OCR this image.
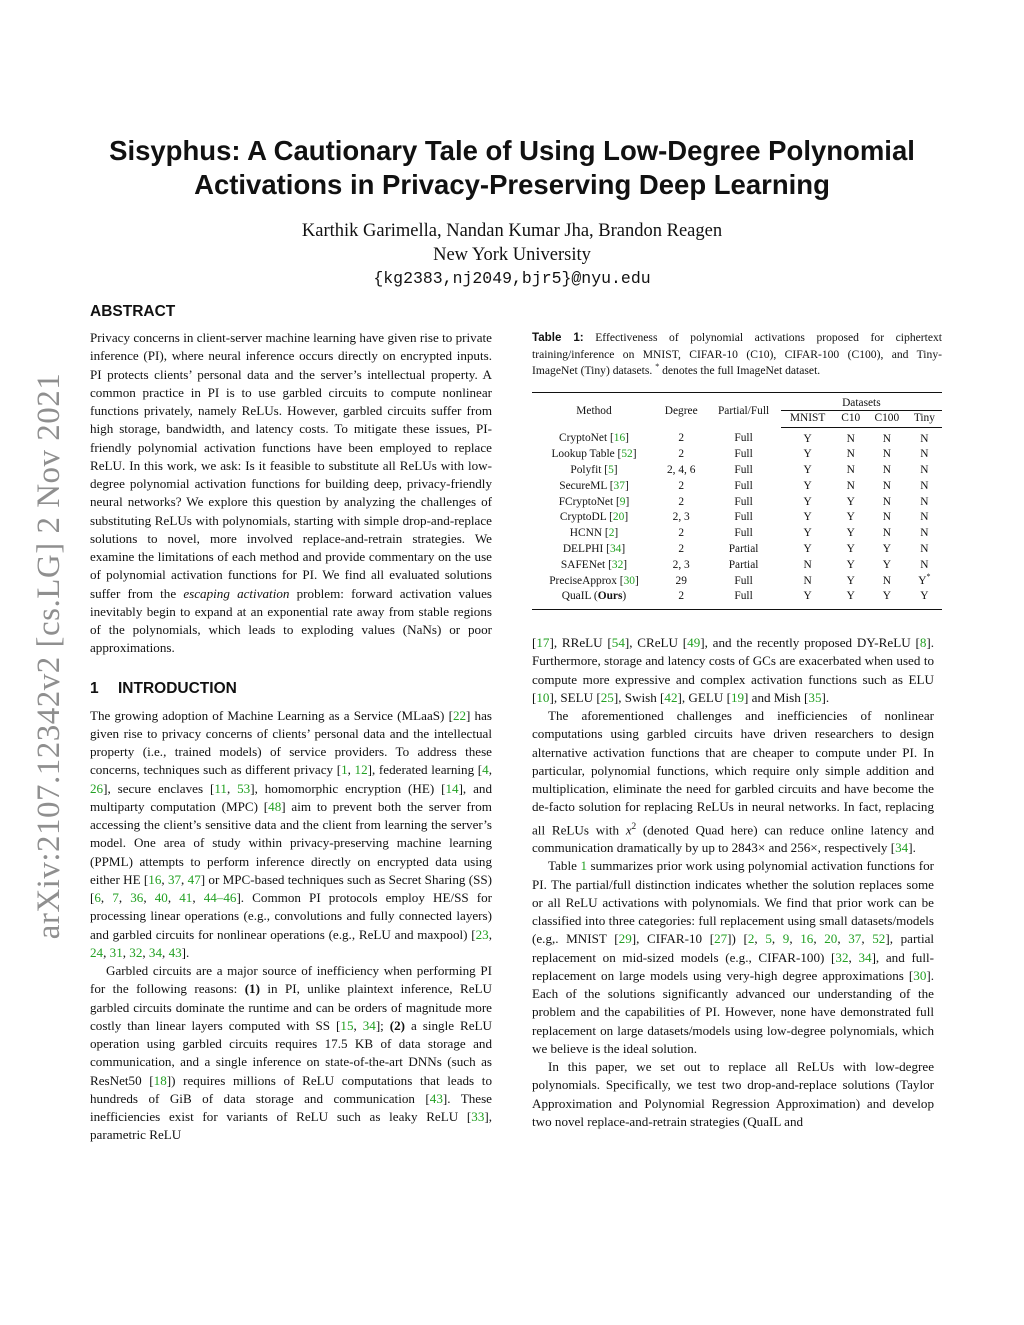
arXiv:2107.12342v2 [cs.LG] 2 Nov 2021
Sisyphus: A Cautionary Tale of Using Low-Degree Polynomial
Activations in Privacy-Preserving Deep Learning
Karthik Garimella, Nandan Kumar Jha, Brandon Reagen
New York University
{kg2383,nj2049,bjr5}@nyu.edu
ABSTRACT

Privacy concerns in client-server machine learning have given rise to private inference (PI), where neural inference occurs directly on encrypted inputs. PI protects clients’ personal data and the server’s intellectual property. A common practice in PI is to use garbled circuits to compute nonlinear functions privately, namely ReLUs. However, garbled circuits suffer from high storage, bandwidth, and latency costs. To mitigate these issues, PI-friendly polynomial activation functions have been employed to replace ReLU. In this work, we ask: Is it feasible to substitute all ReLUs with low-degree polynomial activation functions for building deep, privacy-friendly neural networks? We explore this question by analyzing the challenges of substituting ReLUs with polynomials, starting with simple drop-and-replace solutions to novel, more involved replace-and-retrain strategies. We examine the limitations of each method and provide commentary on the use of polynomial activation functions for PI. We find all evaluated solutions suffer from the escaping activation problem: forward activation values inevitably begin to expand at an exponential rate away from stable regions of the polynomials, which leads to exploding values (NaNs) or poor approximations.

1 INTRODUCTION

The growing adoption of Machine Learning as a Service (MLaaS) [22] has given rise to privacy concerns of clients’ personal data and the intellectual property (i.e., trained models) of service providers. To address these concerns, techniques such as different privacy [1, 12], federated learning [4, 26], secure enclaves [11, 53], homomorphic encryption (HE) [14], and multiparty computation (MPC) [48] aim to prevent both the server from accessing the client’s sensitive data and the client from learning the server’s model. One area of study within privacy-preserving machine learning (PPML) attempts to perform inference directly on encrypted data using either HE [16, 37, 47] or MPC-based techniques such as Secret Sharing (SS) [6, 7, 36, 40, 41, 44–46]. Common PI protocols employ HE/SS for processing linear operations (e.g., convolutions and fully connected layers) and garbled circuits for nonlinear operations (e.g., ReLU and maxpool) [23, 24, 31, 32, 34, 43].

Garbled circuits are a major source of inefficiency when performing PI for the following reasons: (1) in PI, unlike plaintext inference, ReLU garbled circuits dominate the runtime and can be orders of magnitude more costly than linear layers computed with SS [15, 34]; (2) a single ReLU operation using garbled circuits requires 17.5 KB of data storage and communication, and a single inference on state-of-the-art DNNs (such as ResNet50 [18]) requires millions of ReLU computations that leads to hundreds of GiB of data storage and communication [43]. These inefficiencies exist for variants of ReLU such as leaky ReLU [33], parametric ReLU

Table 1: Effectiveness of polynomial activations proposed for ciphertext training/inference on MNIST, CIFAR-10 (C10), CIFAR-100 (C100), and Tiny-ImageNet (Tiny) datasets. * denotes the full ImageNet dataset.

Method	Degree	Partial/Full	Datasets			
			MNIST	C10	C100	Tiny
CryptoNet [16]	2	Full	Y	N	N	N
Lookup Table [52]	2	Full	Y	N	N	N
Polyfit [5]	2, 4, 6	Full	Y	N	N	N
SecureML [37]	2	Full	Y	N	N	N
FCryptoNet [9]	2	Full	Y	Y	N	N
CryptoDL [20]	2, 3	Full	Y	Y	N	N
HCNN [2]	2	Full	Y	Y	N	N
DELPHI [34]	2	Partial	Y	Y	Y	N
SAFENet [32]	2, 3	Partial	N	Y	Y	N
PreciseApprox [30]	29	Full	N	Y	N	Y*
QuaIL (Ours)	2	Full	Y	Y	Y	Y

[17], RReLU [54], CReLU [49], and the recently proposed DY-ReLU [8]. Furthermore, storage and latency costs of GCs are exacerbated when used to compute more expressive and complex activation functions such as ELU [10], SELU [25], Swish [42], GELU [19] and Mish [35].

The aforementioned challenges and inefficiencies of nonlinear computations using garbled circuits have driven researchers to design alternative activation functions that are cheaper to compute under PI. In particular, polynomial functions, which require only simple addition and multiplication, eliminate the need for garbled circuits and have become the de-facto solution for replacing ReLUs in neural networks. In fact, replacing all ReLUs with $x^2$ (denoted Quad here) can reduce online latency and communication dramatically by up to 2843× and 256×, respectively [34].

Table 1 summarizes prior work using polynomial activation functions for PI. The partial/full distinction indicates whether the solution replaces some or all ReLU activations with polynomials. We find that prior work can be classified into three categories: full replacement using small datasets/models (e.g,. MNIST [29], CIFAR-10 [27]) [2, 5, 9, 16, 20, 37, 52], partial replacement on mid-sized models (e.g., CIFAR-100) [32, 34], and full-replacement on large models using very-high degree approximations [30]. Each of the solutions significantly advanced our understanding of the problem and the capabilities of PI. However, none have demonstrated full replacement on large datasets/models using low-degree polynomials, which we believe is the ideal solution.

In this paper, we set out to replace all ReLUs with low-degree polynomials. Specifically, we test two drop-and-replace solutions (Taylor Approximation and Polynomial Regression Approximation) and develop two novel replace-and-retrain strategies (QuaIL and
